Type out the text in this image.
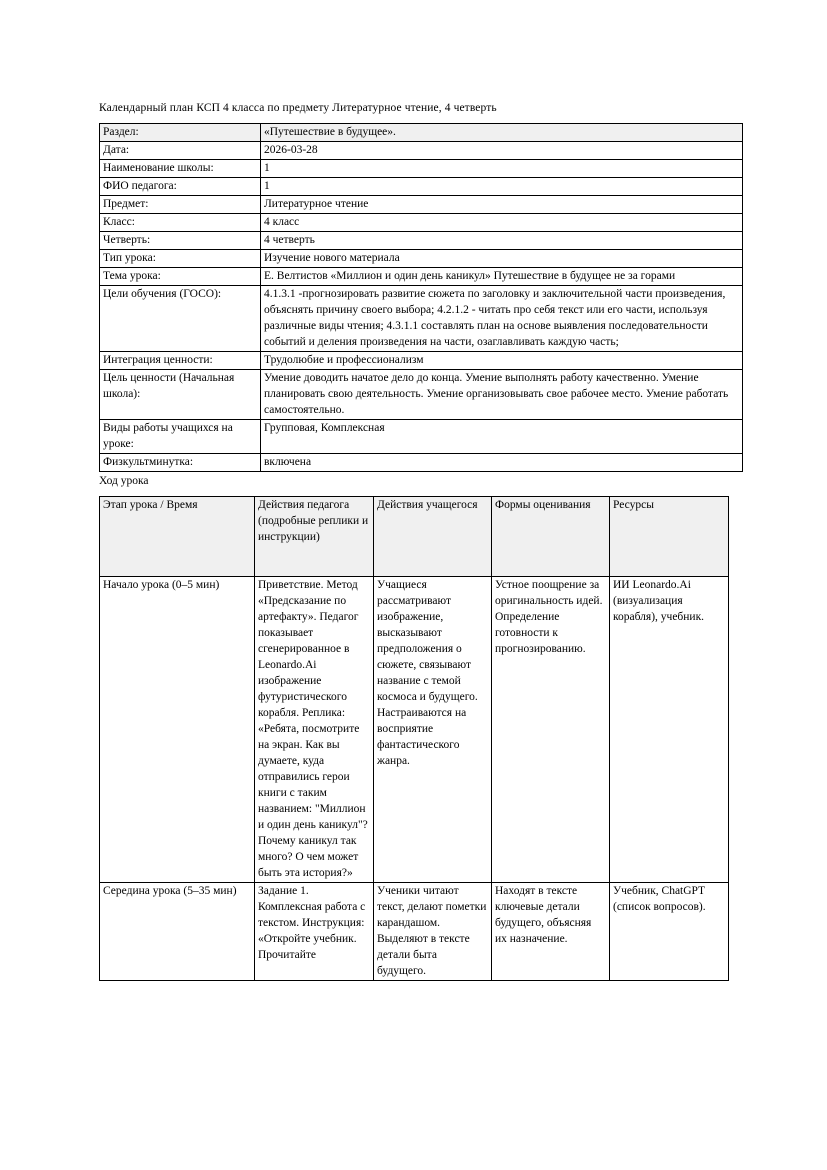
Календарный план КСП 4 класса по предмету Литературное чтение, 4 четверть
Раздел:	«Путешествие в будущее».
Дата:	2026-03-28
Наименование школы:	1
ФИО педагога:	1
Предмет:	Литературное чтение
Класс:	4 класс
Четверть:	4 четверть
Тип урока:	Изучение нового материала
Тема урока:	Е. Велтистов «Миллион и один день каникул» Путешествие в будущее не за горами
Цели обучения (ГОСО):	4.1.3.1 -прогнозировать развитие сюжета по заголовку и заключительной части произведения, объяснять причину своего выбора; 4.2.1.2 - читать про себя текст или его части, используя различные виды чтения; 4.3.1.1 составлять план на основе выявления последовательности событий и деления произведения на части, озаглавливать каждую часть;
Интеграция ценности:	Трудолюбие и профессионализм
Цель ценности (Начальная школа):	Умение доводить начатое дело до конца. Умение выполнять работу качественно. Умение планировать свою деятельность. Умение организовывать свое рабочее место. Умение работать самостоятельно.
Виды работы учащихся на уроке:	Групповая, Комплексная
Физкультминутка:	включена
Ход урока
Этап урока / Время	Действия педагога (подробные реплики и инструкции)	Действия учащегося	Формы оценивания	Ресурсы
Начало урока (0–5 мин)	Приветствие. Метод «Предсказание по артефакту». Педагог показывает сгенерированное в Leonardo.Ai изображение футуристического корабля. Реплика: «Ребята, посмотрите на экран. Как вы думаете, куда отправились герои книги с таким названием: "Миллион и один день каникул"? Почему каникул так много? О чем может быть эта история?»	Учащиеся рассматривают изображение, высказывают предположения о сюжете, связывают название с темой космоса и будущего. Настраиваются на восприятие фантастического жанра.	Устное поощрение за оригинальность идей. Определение готовности к прогнозированию.	ИИ Leonardo.Ai (визуализация корабля), учебник.
Середина урока (5–35 мин)	Задание 1. Комплексная работа с текстом. Инструкция: «Откройте учебник. Прочитайте	Ученики читают текст, делают пометки карандашом. Выделяют в тексте детали быта будущего.	Находят в тексте ключевые детали будущего, объясняя их назначение.	Учебник, ChatGPT (список вопросов).
